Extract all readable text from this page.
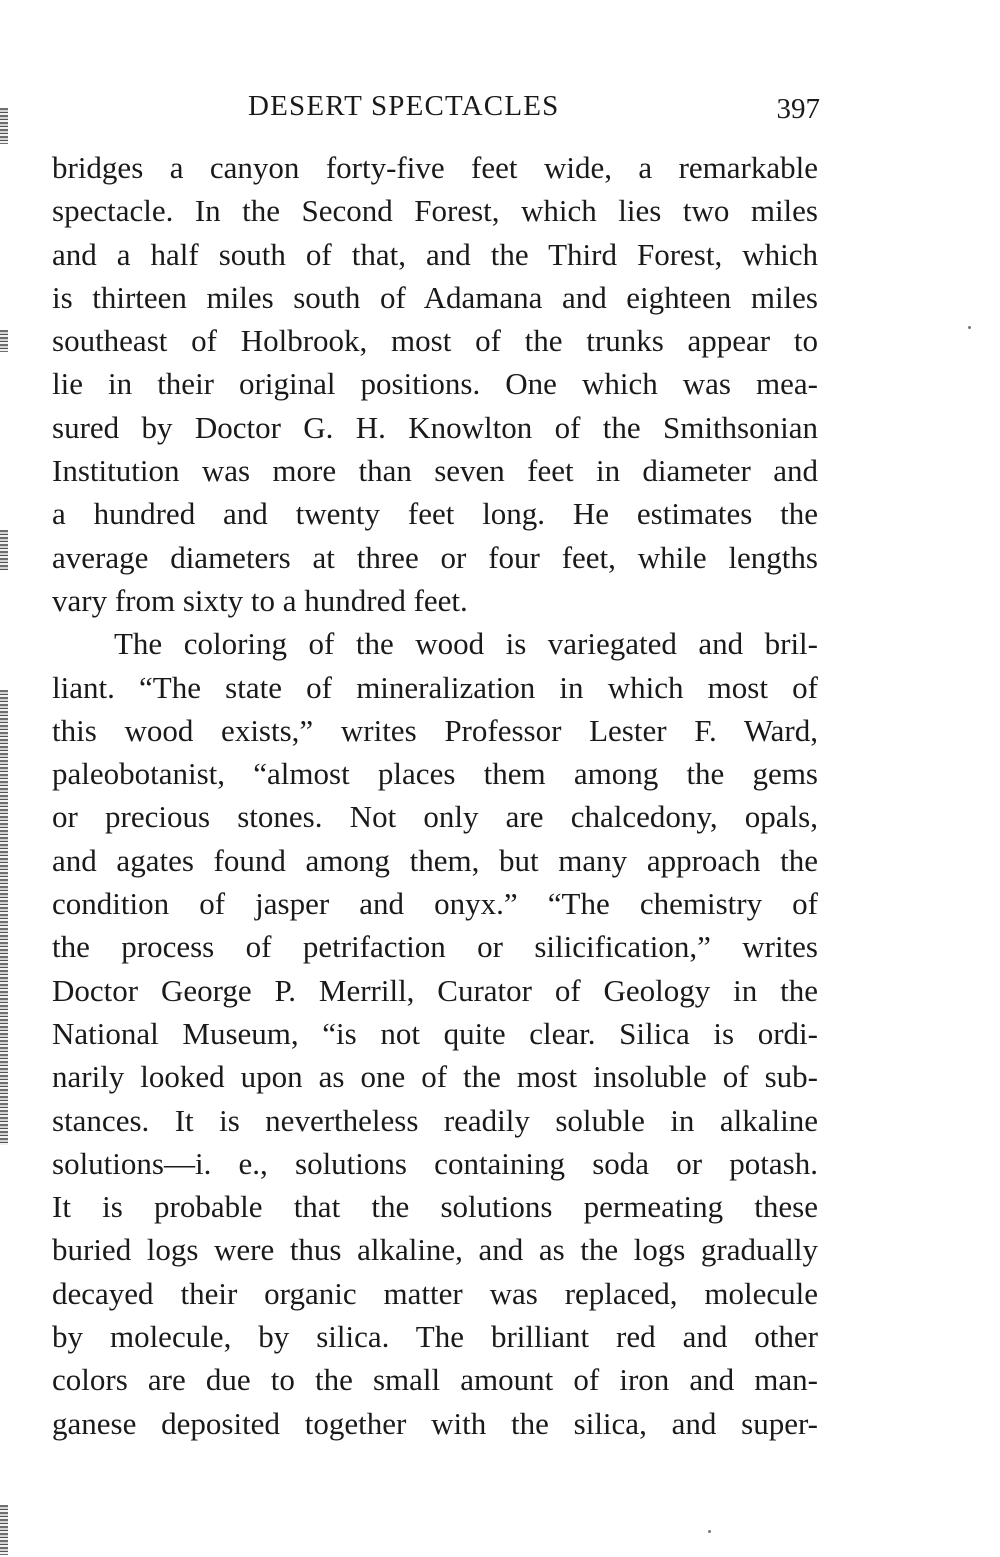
DESERT SPECTACLES	397
bridges a canyon forty-five feet wide, a remarkable
spectacle. In the Second Forest, which lies two miles
and a half south of that, and the Third Forest, which
is thirteen miles south of Adamana and eighteen miles
southeast of Holbrook, most of the trunks appear to
lie in their original positions. One which was mea-
sured by Doctor G. H. Knowlton of the Smithsonian
Institution was more than seven feet in diameter and
a hundred and twenty feet long. He estimates the
average diameters at three or four feet, while lengths
vary from sixty to a hundred feet.
The coloring of the wood is variegated and bril-
liant. “The state of mineralization in which most of
this wood exists,” writes Professor Lester F. Ward,
paleobotanist, “almost places them among the gems
or precious stones. Not only are chalcedony, opals,
and agates found among them, but many approach the
condition of jasper and onyx.” “The chemistry of
the process of petrifaction or silicification,” writes
Doctor George P. Merrill, Curator of Geology in the
National Museum, “is not quite clear. Silica is ordi-
narily looked upon as one of the most insoluble of sub-
stances. It is nevertheless readily soluble in alkaline
solutions—i. e., solutions containing soda or potash.
It is probable that the solutions permeating these
buried logs were thus alkaline, and as the logs gradually
decayed their organic matter was replaced, molecule
by molecule, by silica. The brilliant red and other
colors are due to the small amount of iron and man-
ganese deposited together with the silica, and super-
